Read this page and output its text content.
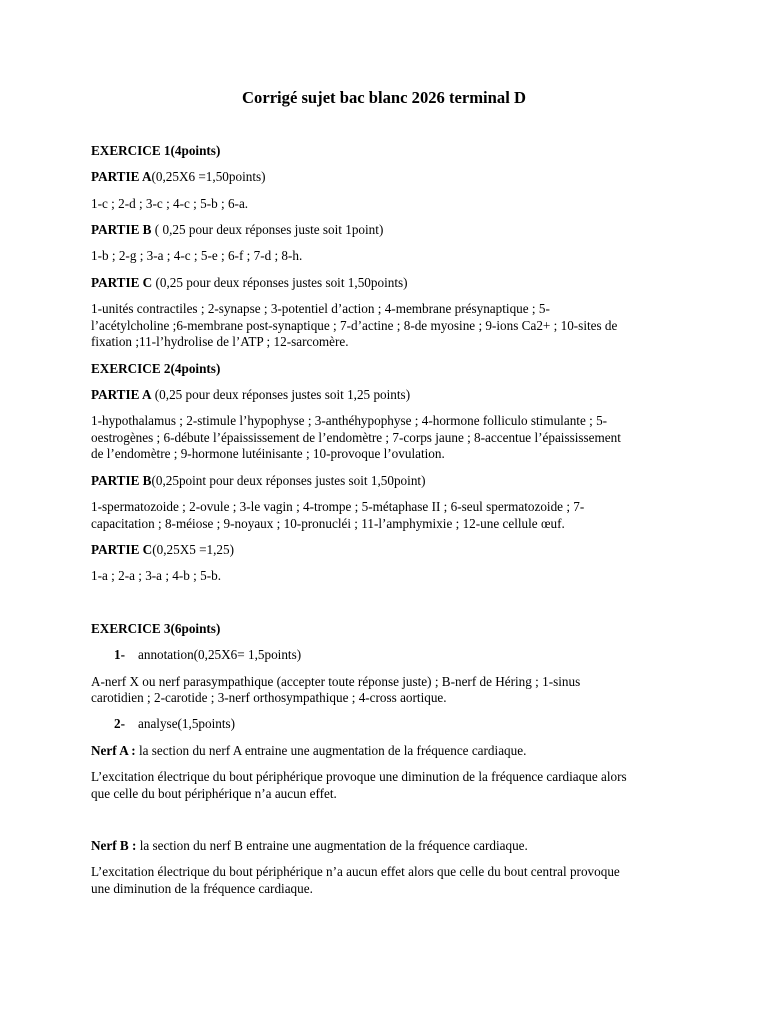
Corrigé sujet bac blanc 2026 terminal D
EXERCICE 1(4points)
PARTIE A(0,25X6 =1,50points)
1-c ; 2-d ; 3-c ; 4-c ; 5-b ; 6-a.
PARTIE B ( 0,25 pour deux réponses juste soit 1point)
1-b ; 2-g ; 3-a ; 4-c ; 5-e ; 6-f ; 7-d ; 8-h.
PARTIE C (0,25 pour deux réponses justes soit 1,50points)
1-unités contractiles ; 2-synapse ; 3-potentiel d’action ; 4-membrane présynaptique ; 5-
l’acétylcholine ;6-membrane post-synaptique ; 7-d’actine ; 8-de myosine ; 9-ions Ca2+ ; 10-sites de
fixation ;11-l’hydrolise de l’ATP ; 12-sarcomère.
EXERCICE 2(4points)
PARTIE A (0,25 pour deux réponses justes soit 1,25 points)
1-hypothalamus ; 2-stimule l’hypophyse ; 3-anthéhypophyse ; 4-hormone folliculo stimulante ; 5-
oestrogènes ; 6-débute l’épaississement de l’endomètre ; 7-corps jaune ; 8-accentue l’épaississement
de l’endomètre ; 9-hormone lutéinisante ; 10-provoque l’ovulation.
PARTIE B(0,25point pour deux réponses justes soit 1,50point)
1-spermatozoide ; 2-ovule ; 3-le vagin ; 4-trompe ; 5-métaphase II ; 6-seul spermatozoide ; 7-
capacitation ; 8-méiose ; 9-noyaux ; 10-pronucléi ; 11-l’amphymixie ; 12-une cellule œuf.
PARTIE C(0,25X5 =1,25)
1-a ; 2-a ; 3-a ; 4-b ; 5-b.
EXERCICE 3(6points)
1- annotation(0,25X6= 1,5points)
A-nerf X ou nerf parasympathique (accepter toute réponse juste) ; B-nerf de Héring ; 1-sinus
carotidien ; 2-carotide ; 3-nerf orthosympathique ; 4-cross aortique.
2- analyse(1,5points)
Nerf A : la section du nerf A entraine une augmentation de la fréquence cardiaque.
L’excitation électrique du bout périphérique provoque une diminution de la fréquence cardiaque alors
que celle du bout périphérique n’a aucun effet.
Nerf B : la section du nerf B entraine une augmentation de la fréquence cardiaque.
L’excitation électrique du bout périphérique n’a aucun effet alors que celle du bout central provoque
une diminution de la fréquence cardiaque.
